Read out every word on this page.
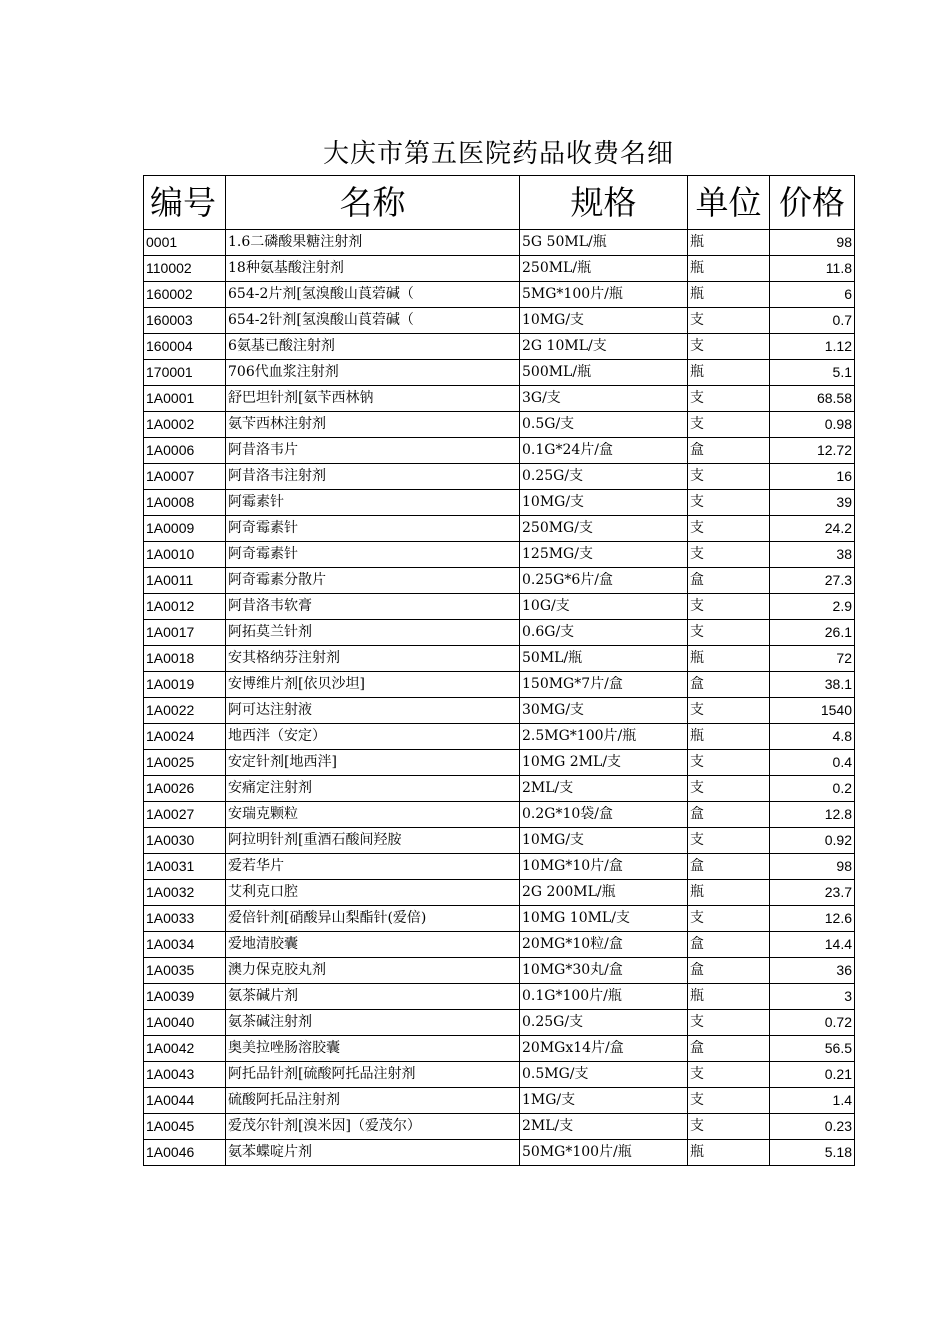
大庆市第五医院药品收费名细
编号	名称	规格	单位	价格
0001	1.6二磷酸果糖注射剂	5G 50ML/瓶	瓶	98
110002	18种氨基酸注射剂	250ML/瓶	瓶	11.8
160002	654-2片剂[氢溴酸山莨菪碱（	5MG*100片/瓶	瓶	6
160003	654-2针剂[氢溴酸山莨菪碱（	10MG/支	支	0.7
160004	6氨基已酸注射剂	2G 10ML/支	支	1.12
170001	706代血浆注射剂	500ML/瓶	瓶	5.1
1A0001	舒巴坦针剂[氨苄西林钠	3G/支	支	68.58
1A0002	氨苄西林注射剂	0.5G/支	支	0.98
1A0006	阿昔洛韦片	0.1G*24片/盒	盒	12.72
1A0007	阿昔洛韦注射剂	0.25G/支	支	16
1A0008	阿霉素针	10MG/支	支	39
1A0009	阿奇霉素针	250MG/支	支	24.2
1A0010	阿奇霉素针	125MG/支	支	38
1A0011	阿奇霉素分散片	0.25G*6片/盒	盒	27.3
1A0012	阿昔洛韦软膏	10G/支	支	2.9
1A0017	阿拓莫兰针剂	0.6G/支	支	26.1
1A0018	安其格纳芬注射剂	50ML/瓶	瓶	72
1A0019	安博维片剂[依贝沙坦]	150MG*7片/盒	盒	38.1
1A0022	阿可达注射液	30MG/支	支	1540
1A0024	地西泮（安定）	2.5MG*100片/瓶	瓶	4.8
1A0025	安定针剂[地西泮]	10MG 2ML/支	支	0.4
1A0026	安痛定注射剂	2ML/支	支	0.2
1A0027	安瑞克颗粒	0.2G*10袋/盒	盒	12.8
1A0030	阿拉明针剂[重酒石酸间羟胺	10MG/支	支	0.92
1A0031	爱若华片	10MG*10片/盒	盒	98
1A0032	艾利克口腔	2G 200ML/瓶	瓶	23.7
1A0033	爱倍针剂[硝酸异山梨酯针(爱倍)	10MG 10ML/支	支	12.6
1A0034	爱地清胶囊	20MG*10粒/盒	盒	14.4
1A0035	澳力保克胶丸剂	10MG*30丸/盒	盒	36
1A0039	氨茶碱片剂	0.1G*100片/瓶	瓶	3
1A0040	氨茶碱注射剂	0.25G/支	支	0.72
1A0042	奥美拉唑肠溶胶囊	20MGx14片/盒	盒	56.5
1A0043	阿托品针剂[硫酸阿托品注射剂	0.5MG/支	支	0.21
1A0044	硫酸阿托品注射剂	1MG/支	支	1.4
1A0045	爱茂尔针剂[溴米因]（爱茂尔）	2ML/支	支	0.23
1A0046	氨苯蝶啶片剂	50MG*100片/瓶	瓶	5.18
